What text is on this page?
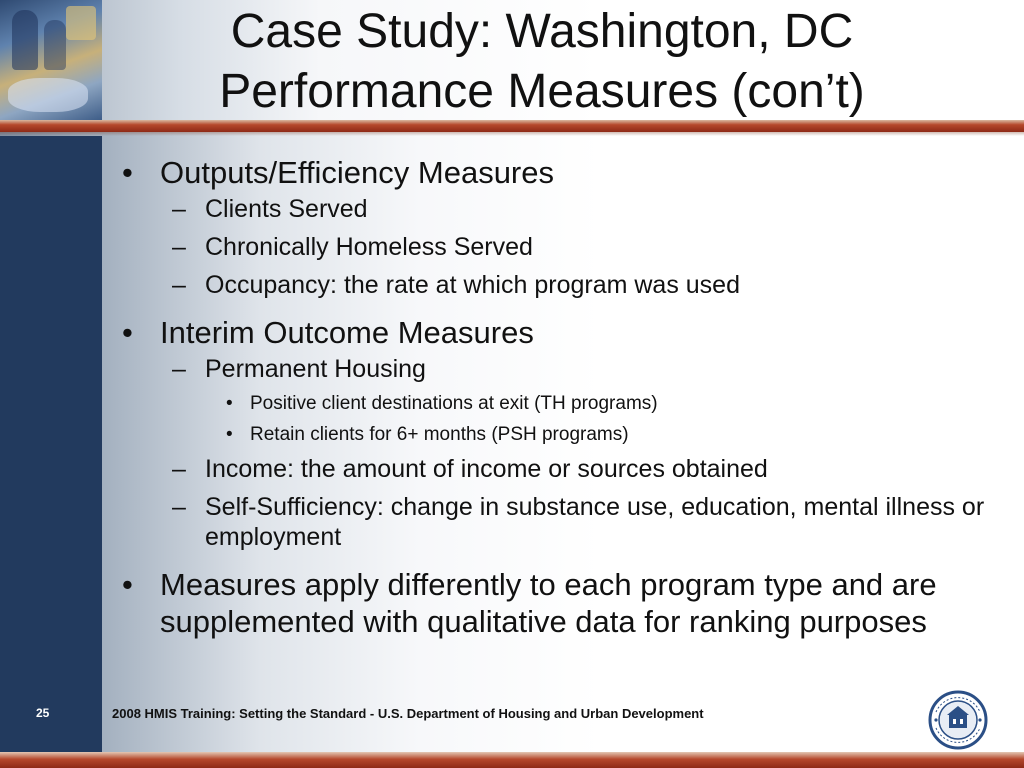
Case Study: Washington, DC
Performance Measures (con’t)
• Outputs/Efficiency Measures
– Clients Served
– Chronically Homeless Served
– Occupancy: the rate at which program was used
• Interim Outcome Measures
– Permanent Housing
• Positive client destinations at exit (TH programs)
• Retain clients for 6+ months (PSH programs)
– Income: the amount of income or sources obtained
– Self-Sufficiency: change in substance use, education, mental illness or employment
• Measures apply differently to each program type and are supplemented with qualitative data for ranking purposes
25	2008 HMIS Training: Setting the Standard - U.S. Department of Housing and Urban Development
